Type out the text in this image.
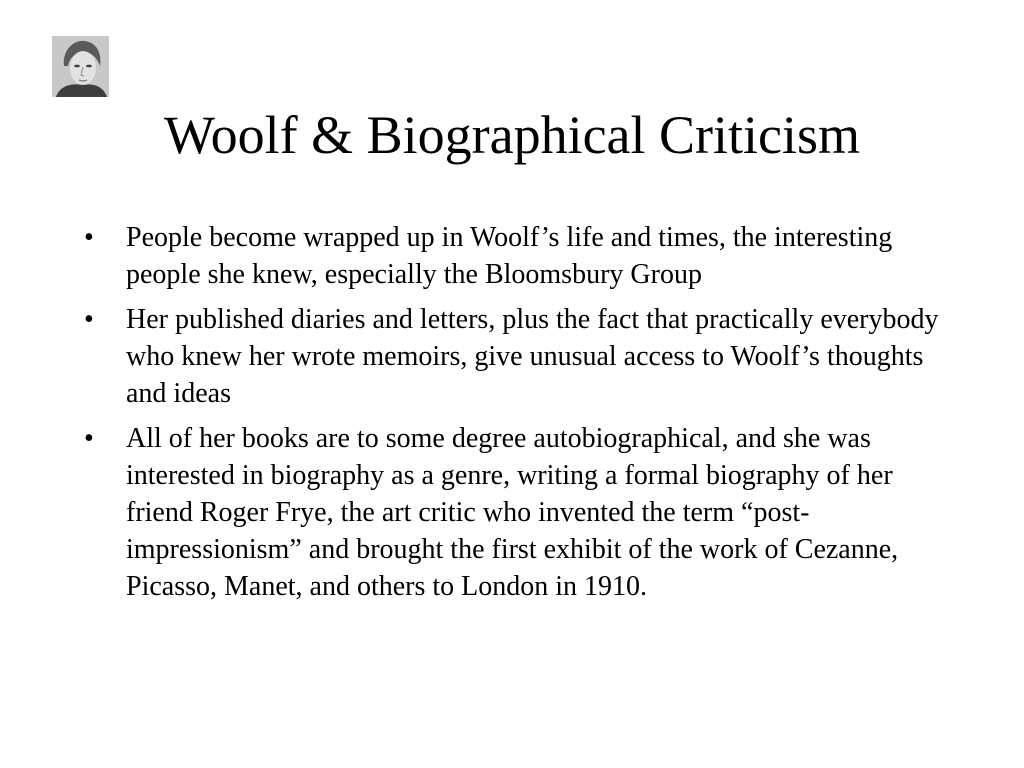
Woolf & Biographical Criticism
•	People become wrapped up in Woolf’s life and times, the interesting people she knew, especially the Bloomsbury Group
•	Her published diaries and letters, plus the fact that practically everybody who knew her wrote memoirs, give unusual access to Woolf’s thoughts and ideas
•	All of her books are to some degree autobiographical, and she was interested in biography as a genre, writing a formal biography of her friend Roger Frye, the art critic who invented the term “post-impressionism” and brought the first exhibit of the work of Cezanne, Picasso, Manet, and others to London in 1910.
